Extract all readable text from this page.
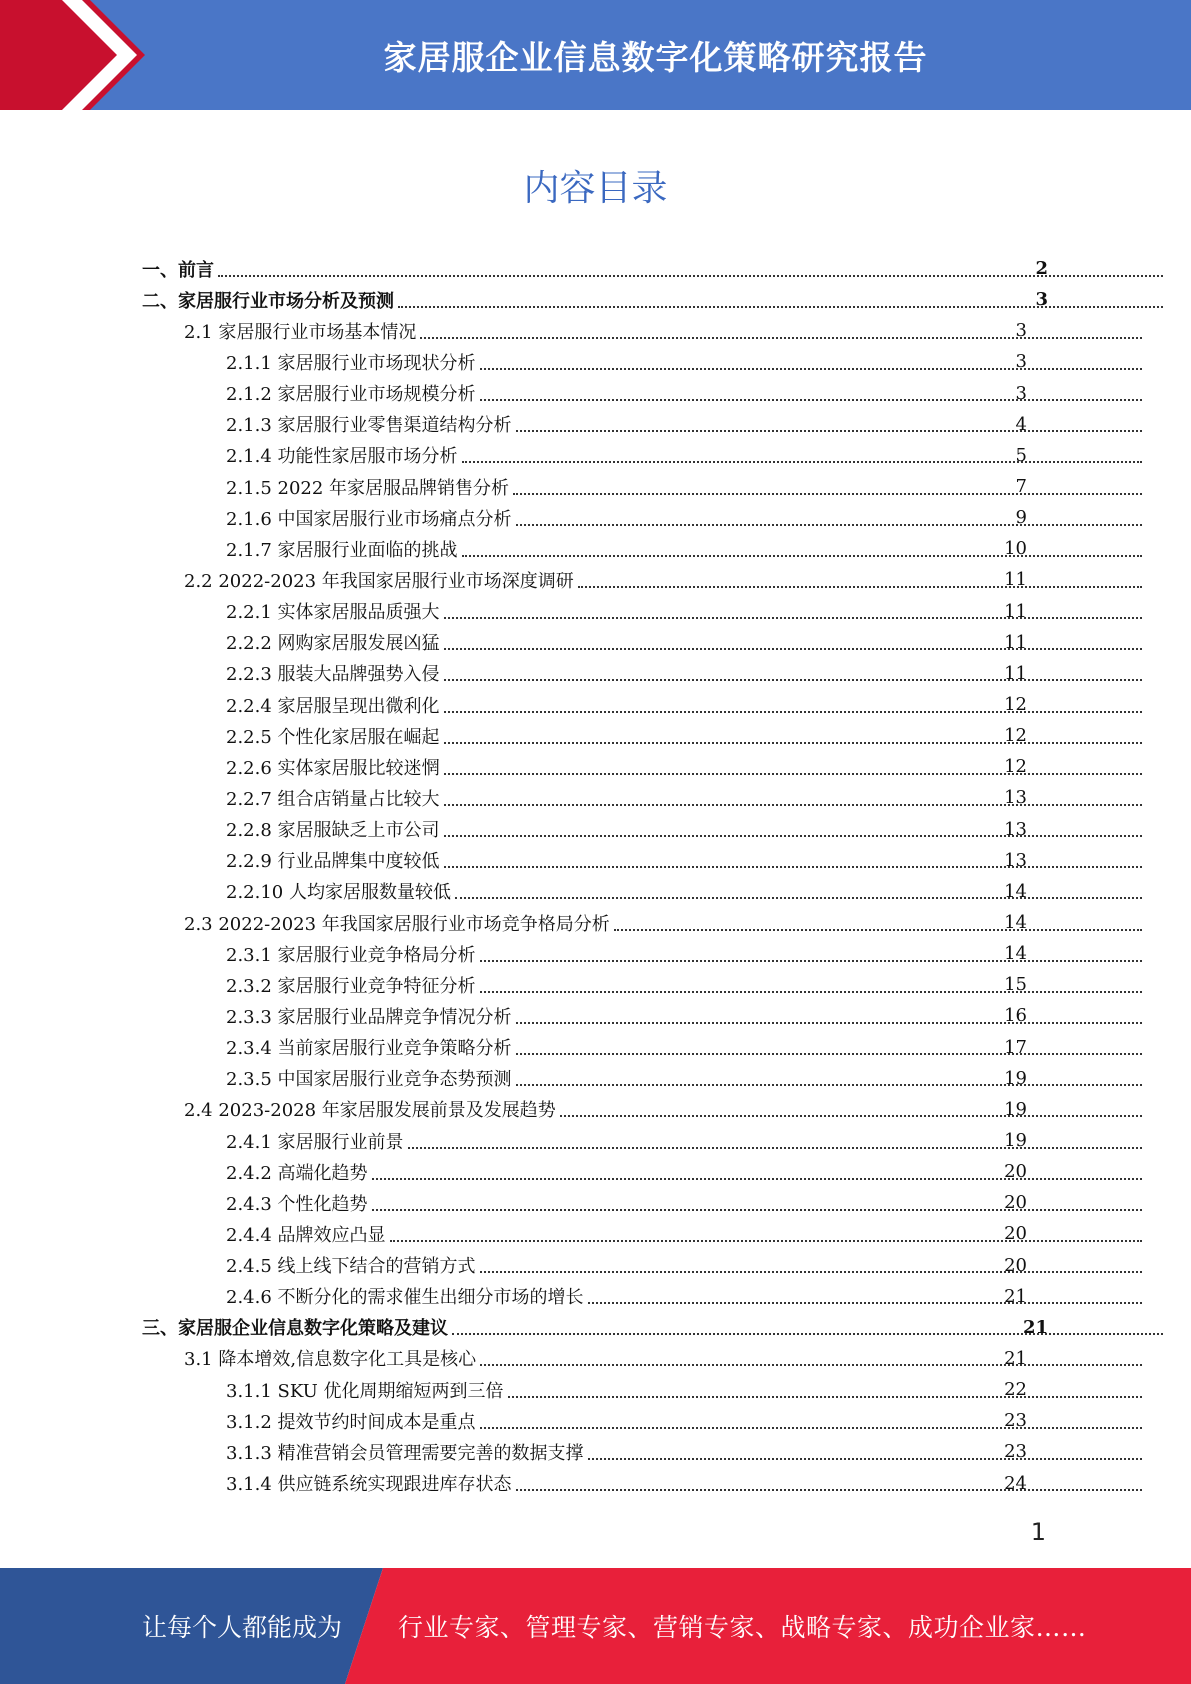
家居服企业信息数字化策略研究报告
内容目录
一、前言	2
二、家居服行业市场分析及预测	3
2.1 家居服行业市场基本情况	3
2.1.1 家居服行业市场现状分析	3
2.1.2 家居服行业市场规模分析	3
2.1.3 家居服行业零售渠道结构分析	4
2.1.4 功能性家居服市场分析	5
2.1.5 2022 年家居服品牌销售分析	7
2.1.6 中国家居服行业市场痛点分析	9
2.1.7 家居服行业面临的挑战	10
2.2 2022-2023 年我国家居服行业市场深度调研	11
2.2.1 实体家居服品质强大	11
2.2.2 网购家居服发展凶猛	11
2.2.3 服装大品牌强势入侵	11
2.2.4 家居服呈现出微利化	12
2.2.5 个性化家居服在崛起	12
2.2.6 实体家居服比较迷惘	12
2.2.7 组合店销量占比较大	13
2.2.8 家居服缺乏上市公司	13
2.2.9 行业品牌集中度较低	13
2.2.10 人均家居服数量较低	14
2.3 2022-2023 年我国家居服行业市场竞争格局分析	14
2.3.1 家居服行业竞争格局分析	14
2.3.2 家居服行业竞争特征分析	15
2.3.3 家居服行业品牌竞争情况分析	16
2.3.4 当前家居服行业竞争策略分析	17
2.3.5 中国家居服行业竞争态势预测	19
2.4 2023-2028 年家居服发展前景及发展趋势	19
2.4.1 家居服行业前景	19
2.4.2 高端化趋势	20
2.4.3 个性化趋势	20
2.4.4 品牌效应凸显	20
2.4.5 线上线下结合的营销方式	20
2.4.6 不断分化的需求催生出细分市场的增长	21
三、家居服企业信息数字化策略及建议	21
3.1 降本增效,信息数字化工具是核心	21
3.1.1 SKU 优化周期缩短两到三倍	22
3.1.2 提效节约时间成本是重点	23
3.1.3 精准营销会员管理需要完善的数据支撑	23
3.1.4 供应链系统实现跟进库存状态	24
1
让每个人都能成为 行业专家、管理专家、营销专家、战略专家、成功企业家……
